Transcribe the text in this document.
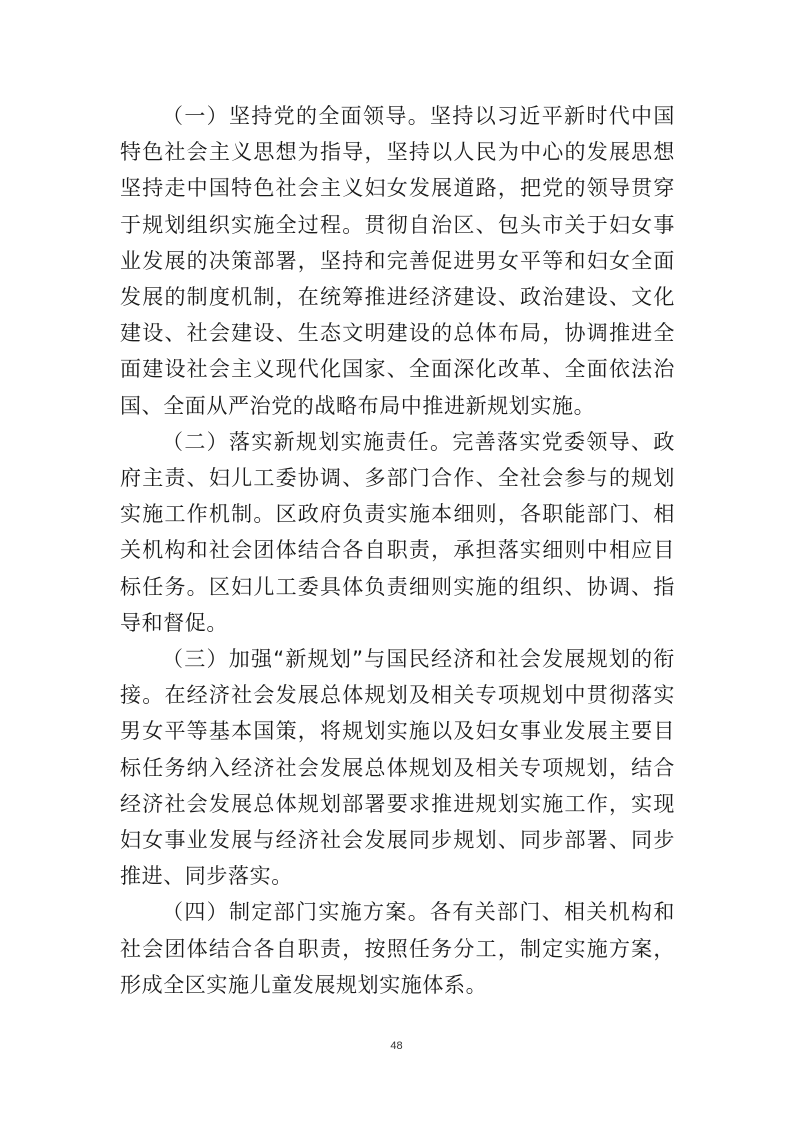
（一）坚持党的全面领导。坚持以习近平新时代中国特色社会主义思想为指导，坚持以人民为中心的发展思想坚持走中国特色社会主义妇女发展道路，把党的领导贯穿于规划组织实施全过程。贯彻自治区、包头市关于妇女事业发展的决策部署，坚持和完善促进男女平等和妇女全面发展的制度机制，在统筹推进经济建设、政治建设、文化建设、社会建设、生态文明建设的总体布局，协调推进全面建设社会主义现代化国家、全面深化改革、全面依法治国、全面从严治党的战略布局中推进新规划实施。

（二）落实新规划实施责任。完善落实党委领导、政府主责、妇儿工委协调、多部门合作、全社会参与的规划实施工作机制。区政府负责实施本细则，各职能部门、相关机构和社会团体结合各自职责，承担落实细则中相应目标任务。区妇儿工委具体负责细则实施的组织、协调、指导和督促。

（三）加强“新规划”与国民经济和社会发展规划的衔接。在经济社会发展总体规划及相关专项规划中贯彻落实男女平等基本国策，将规划实施以及妇女事业发展主要目标任务纳入经济社会发展总体规划及相关专项规划，结合经济社会发展总体规划部署要求推进规划实施工作，实现妇女事业发展与经济社会发展同步规划、同步部署、同步推进、同步落实。

（四）制定部门实施方案。各有关部门、相关机构和社会团体结合各自职责，按照任务分工，制定实施方案，形成全区实施儿童发展规划实施体系。

48
